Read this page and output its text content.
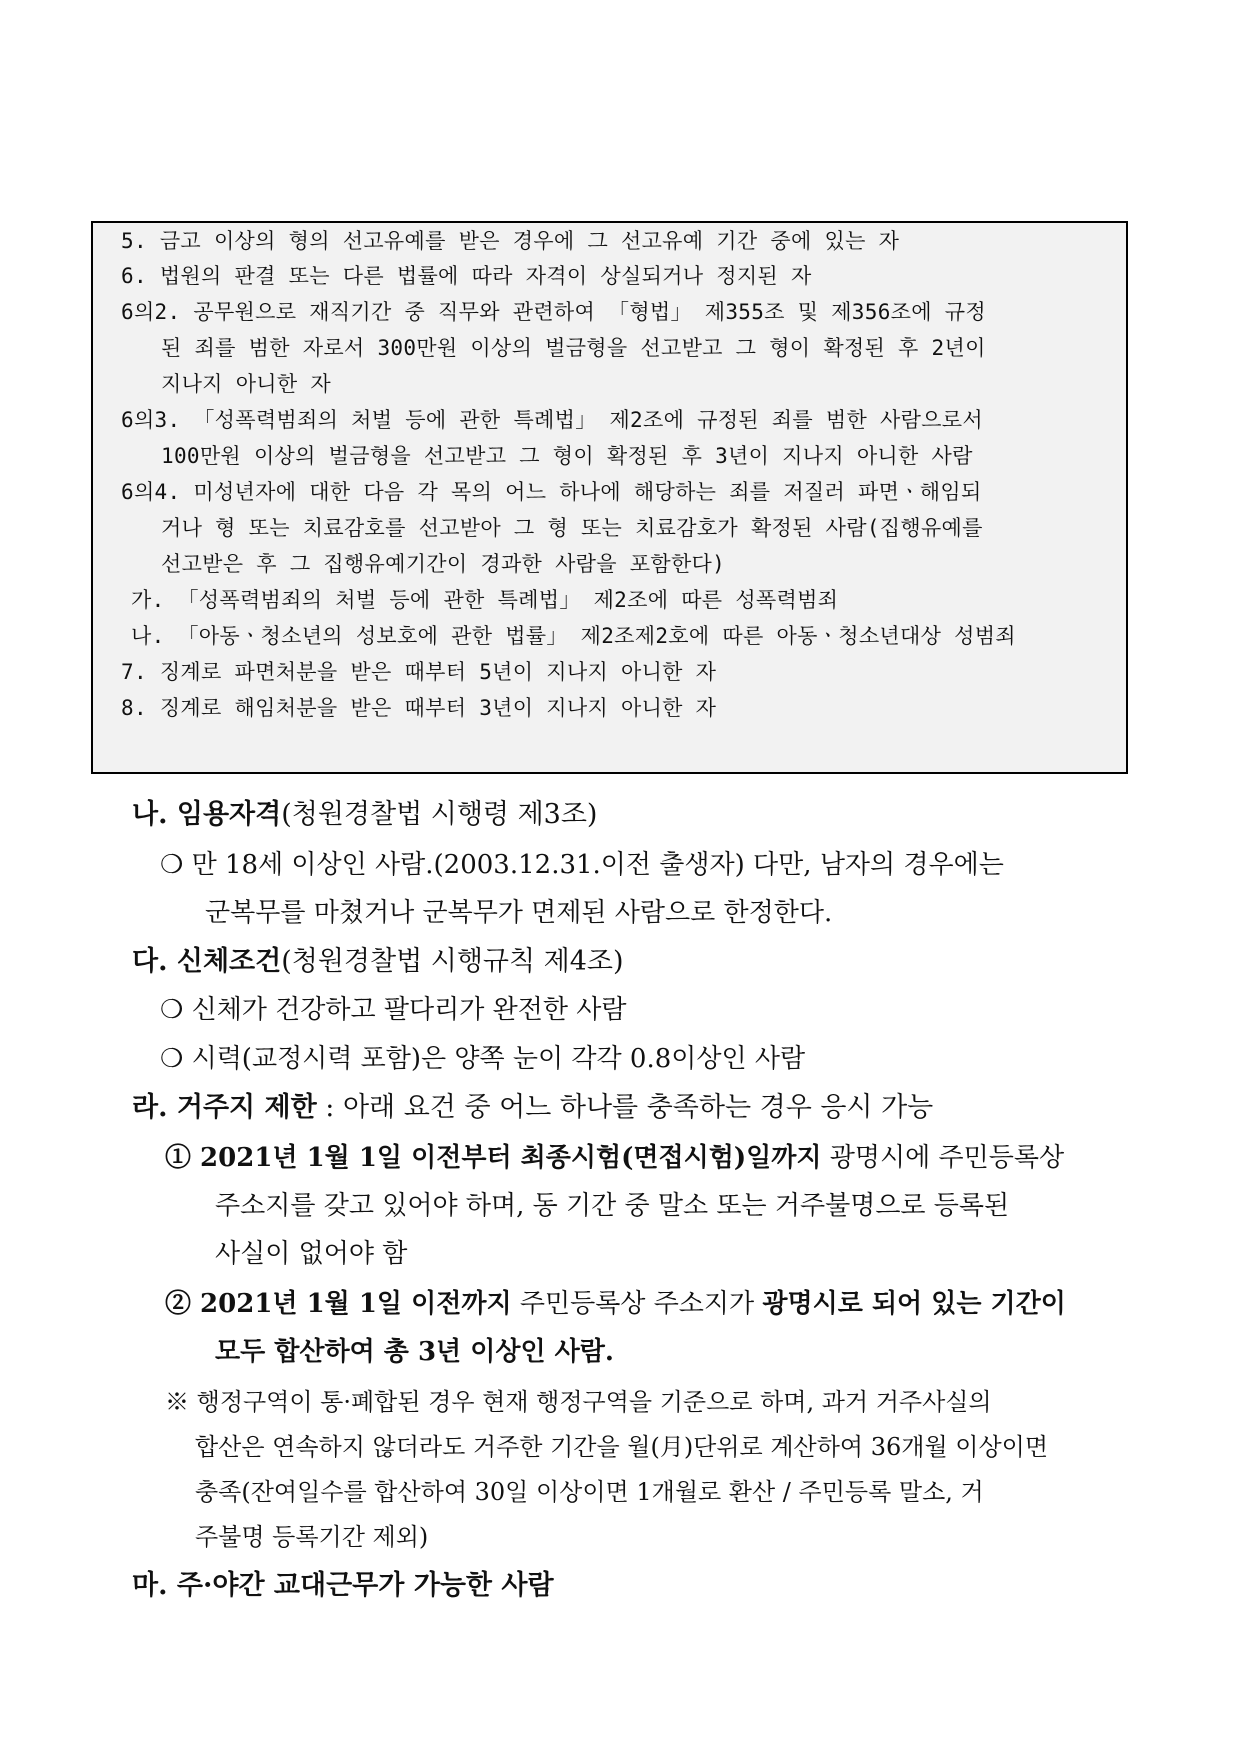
5. 금고 이상의 형의 선고유예를 받은 경우에 그 선고유예 기간 중에 있는 자
6. 법원의 판결 또는 다른 법률에 따라 자격이 상실되거나 정지된 자
6의2. 공무원으로 재직기간 중 직무와 관련하여 「형법」 제355조 및 제356조에 규정
된 죄를 범한 자로서 300만원 이상의 벌금형을 선고받고 그 형이 확정된 후 2년이
지나지 아니한 자
6의3. 「성폭력범죄의 처벌 등에 관한 특례법」 제2조에 규정된 죄를 범한 사람으로서
100만원 이상의 벌금형을 선고받고 그 형이 확정된 후 3년이 지나지 아니한 사람
6의4. 미성년자에 대한 다음 각 목의 어느 하나에 해당하는 죄를 저질러 파면ㆍ해임되
거나 형 또는 치료감호를 선고받아 그 형 또는 치료감호가 확정된 사람(집행유예를
선고받은 후 그 집행유예기간이 경과한 사람을 포함한다)
가. 「성폭력범죄의 처벌 등에 관한 특례법」 제2조에 따른 성폭력범죄
나. 「아동ㆍ청소년의 성보호에 관한 법률」 제2조제2호에 따른 아동ㆍ청소년대상 성범죄
7. 징계로 파면처분을 받은 때부터 5년이 지나지 아니한 자
8. 징계로 해임처분을 받은 때부터 3년이 지나지 아니한 자
나. 임용자격(청원경찰법 시행령 제3조)
❍ 만 18세 이상인 사람.(2003.12.31.이전 출생자) 다만, 남자의 경우에는
군복무를 마쳤거나 군복무가 면제된 사람으로 한정한다.
다. 신체조건(청원경찰법 시행규칙 제4조)
❍ 신체가 건강하고 팔다리가 완전한 사람
❍ 시력(교정시력 포함)은 양쪽 눈이 각각 0.8이상인 사람
라. 거주지 제한 : 아래 요건 중 어느 하나를 충족하는 경우 응시 가능
① 2021년 1월 1일 이전부터 최종시험(면접시험)일까지 광명시에 주민등록상
주소지를 갖고 있어야 하며, 동 기간 중 말소 또는 거주불명으로 등록된
사실이 없어야 함
② 2021년 1월 1일 이전까지 주민등록상 주소지가 광명시로 되어 있는 기간이
모두 합산하여 총 3년 이상인 사람.
※ 행정구역이 통·폐합된 경우 현재 행정구역을 기준으로 하며, 과거 거주사실의
합산은 연속하지 않더라도 거주한 기간을 월(月)단위로 계산하여 36개월 이상이면
충족(잔여일수를 합산하여 30일 이상이면 1개월로 환산 / 주민등록 말소, 거
주불명 등록기간 제외)
마. 주·야간 교대근무가 가능한 사람
